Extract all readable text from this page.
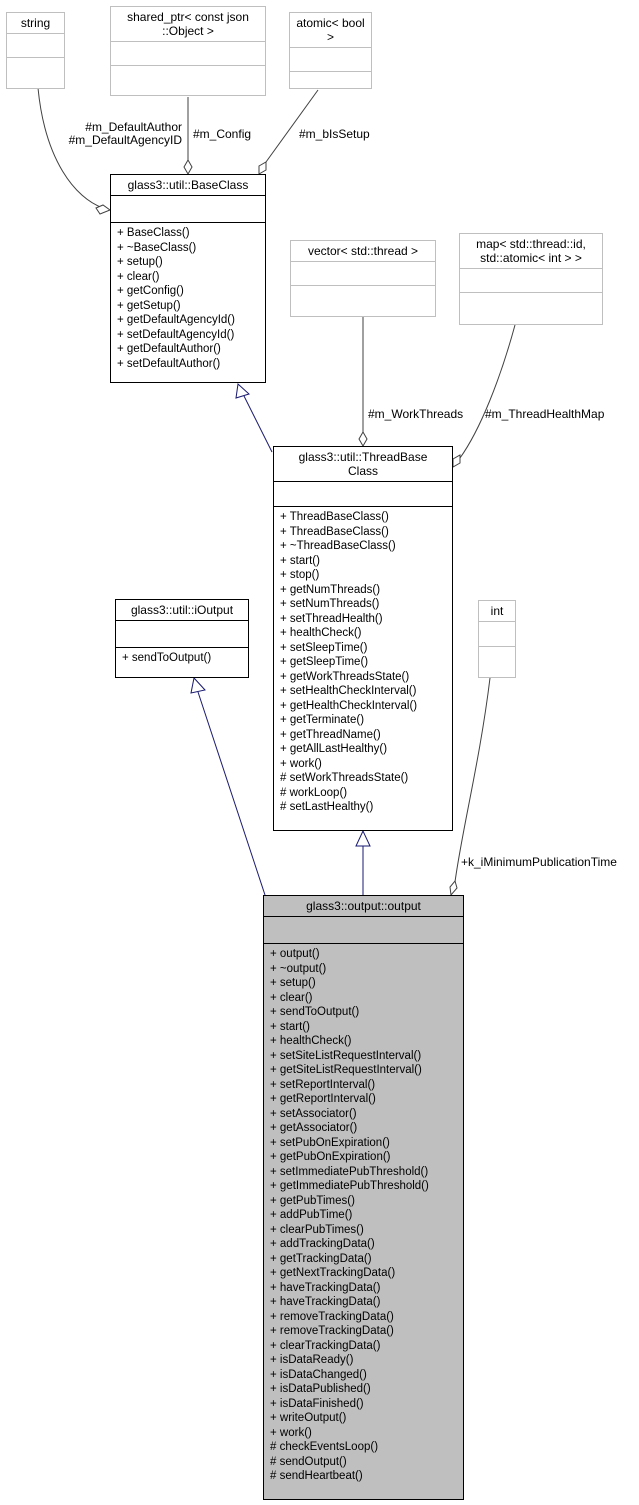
#m_DefaultAuthor
#m_DefaultAgencyID #m_Config	#m_bIsSetup
#m_WorkThreads #m_ThreadHealthMap
+k_iMinimumPublicationTime
string	shared_ptr< const json
::Object >
atomic< bool >
glass3::util::BaseClass
+ BaseClass()
+ ~BaseClass()
+ setup()
+ clear()
+ getConfig()
+ getSetup()
+ getDefaultAgencyId()
+ setDefaultAgencyId()
+ getDefaultAuthor()
+ setDefaultAuthor()
vector< std::thread >	map< std::thread::id,
std::atomic< int > >
glass3::util::ThreadBase
Class
+ ThreadBaseClass()
+ ThreadBaseClass()
+ ~ThreadBaseClass()
+ start()
+ stop()
+ getNumThreads()
+ setNumThreads()
+ setThreadHealth()
+ healthCheck()
+ setSleepTime()
+ getSleepTime()
+ getWorkThreadsState()
+ setHealthCheckInterval()
+ getHealthCheckInterval()
+ getTerminate()
+ getThreadName()
+ getAllLastHealthy()
+ work()
# setWorkThreadsState()
# workLoop()
# setLastHealthy()
glass3::util::iOutput
+ sendToOutput()
int
glass3::output::output
+ output()
+ ~output()
+ setup()
+ clear()
+ sendToOutput()
+ start()
+ healthCheck()
+ setSiteListRequestInterval()
+ getSiteListRequestInterval()
+ setReportInterval()
+ getReportInterval()
+ setAssociator()
+ getAssociator()
+ setPubOnExpiration()
+ getPubOnExpiration()
+ setImmediatePubThreshold()
+ getImmediatePubThreshold()
+ getPubTimes()
+ addPubTime()
+ clearPubTimes()
+ addTrackingData()
+ getTrackingData()
+ getNextTrackingData()
+ haveTrackingData()
+ haveTrackingData()
+ removeTrackingData()
+ removeTrackingData()
+ clearTrackingData()
+ isDataReady()
+ isDataChanged()
+ isDataPublished()
+ isDataFinished()
+ writeOutput()
+ work()
# checkEventsLoop()
# sendOutput()
# sendHeartbeat()
